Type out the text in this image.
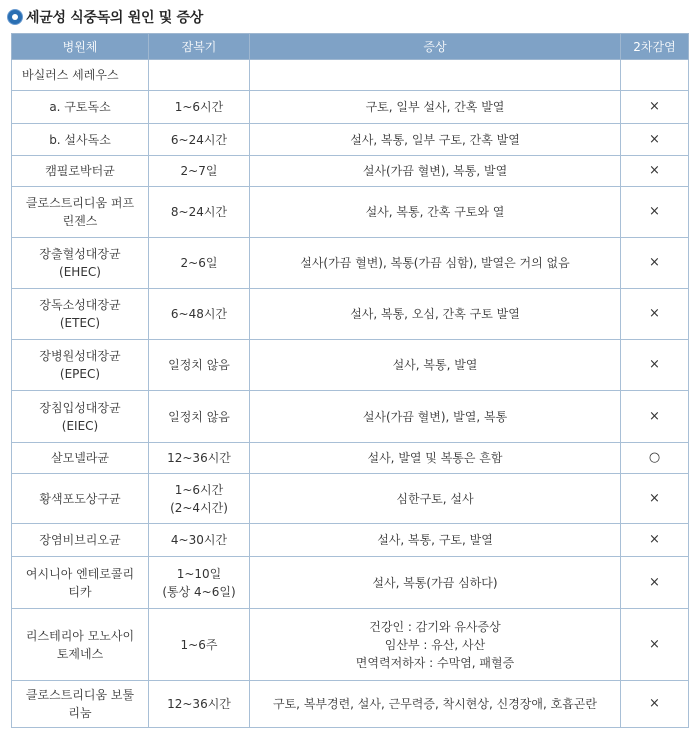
세균성 식중독의 원인 및 증상
병원체	잠복기	증상	2차감염

바실러스 세레우스			

a. 구토독소	1~6시간	구토, 일부 설사, 간혹 발열	×

b. 설사독소	6~24시간	설사, 복통, 일부 구토, 간혹 발열	×

캠필로박터균	2~7일	설사(가끔 혈변), 복통, 발열	×

클로스트리디움 퍼프
린젠스	8~24시간	설사, 복통, 간혹 구토와 열	×

장출혈성대장균
(EHEC)	2~6일	설사(가끔 혈변), 복통(가끔 심함), 발열은 거의 없음	×

장독소성대장균
(ETEC)	6~48시간	설사, 복통, 오심, 간혹 구토 발열	×

장병원성대장균
(EPEC)	일정치 않음	설사, 복통, 발열	×

장침입성대장균
(EIEC)	일정치 않음	설사(가끔 혈변), 발열, 복통	×

살모넬라균	12~36시간	설사, 발열 및 복통은 흔함	○

황색포도상구균	1~6시간
(2~4시간)	심한구토, 설사	×

장염비브리오균	4~30시간	설사, 복통, 구토, 발열	×

여시니아 엔테로콜리
티카	1~10일
(통상 4~6일)	설사, 복통(가끔 심하다)	×

리스테리아 모노사이
토제네스	1~6주	건강인 : 감기와 유사증상
임산부 : 유산, 사산
면역력저하자 : 수막염, 패혈증	×

클로스트리디움 보툴
리눔	12~36시간	구토, 복부경련, 설사, 근무력증, 착시현상, 신경장애, 호흡곤란	×
